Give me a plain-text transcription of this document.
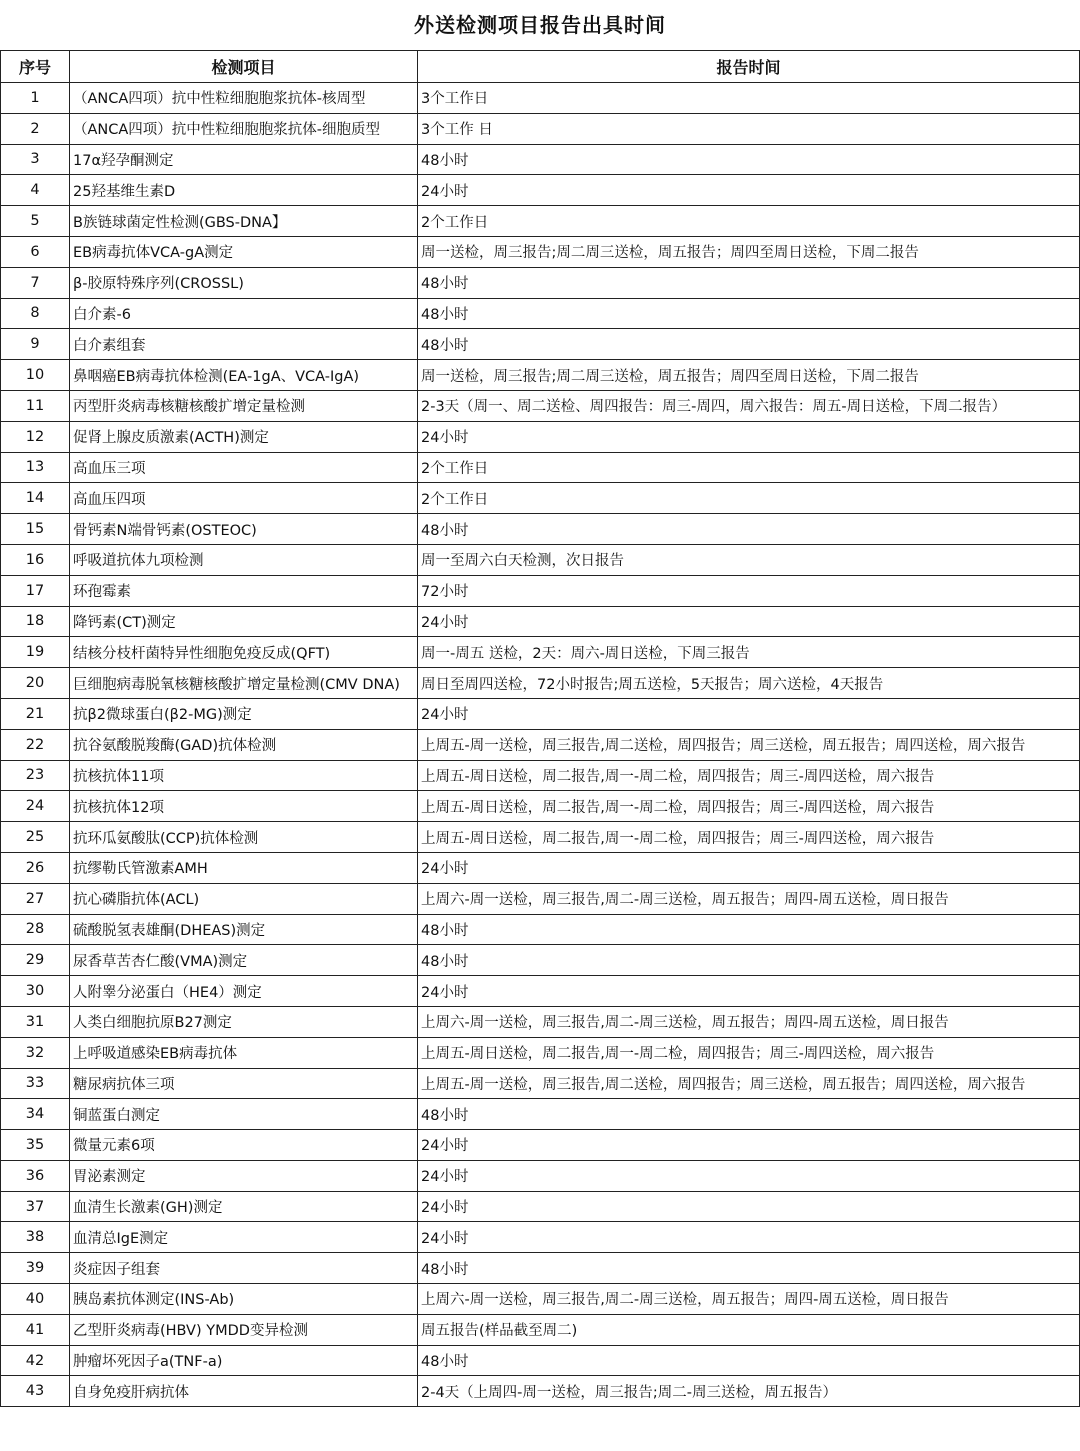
外送检测项目报告出具时间
序号	检测项目	报告时间
1	（ANCA四项）抗中性粒细胞胞浆抗体-核周型	3个工作日
2	（ANCA四项）抗中性粒细胞胞浆抗体-细胞质型	3个工作 日
3	17α羟孕酮测定	48小时
4	25羟基维生素D	24小时
5	B族链球菌定性检测(GBS-DNA】	2个工作日
6	EB病毒抗体VCA-gA测定	周一送检，周三报告;周二周三送检，周五报告；周四至周日送检，下周二报告
7	β-胶原特殊序列(CROSSL)	48小时
8	白介素-6	48小时
9	白介素组套	48小时
10	鼻咽癌EB病毒抗体检测(EA-1gA、VCA-IgA)	周一送检，周三报告;周二周三送检，周五报告；周四至周日送检，下周二报告
11	丙型肝炎病毒核糖核酸扩增定量检测	2-3天（周一、周二送检、周四报告：周三-周四，周六报告：周五-周日送检，下周二报告）
12	促肾上腺皮质激素(ACTH)测定	24小时
13	高血压三项	2个工作日
14	高血压四项	2个工作日
15	骨钙素N端骨钙素(OSTEOC)	48小时
16	呼吸道抗体九项检测	周一至周六白天检测，次日报告
17	环孢霉素	72小时
18	降钙素(CT)测定	24小时
19	结核分枝杆菌特异性细胞免疫反成(QFT)	周一-周五 送检，2天：周六-周日送检，下周三报告
20	巨细胞病毒脱氧核糖核酸扩增定量检测(CMV DNA)	周日至周四送检，72小时报告;周五送检，5天报告；周六送检，4天报告
21	抗β2微球蛋白(β2-MG)测定	24小时
22	抗谷氨酸脱羧酶(GAD)抗体检测	上周五-周一送检，周三报告,周二送检，周四报告；周三送检，周五报告；周四送检，周六报告
23	抗核抗体11项	上周五-周日送检，周二报告,周一-周二检，周四报告；周三-周四送检，周六报告
24	抗核抗体12项	上周五-周日送检，周二报告,周一-周二检，周四报告；周三-周四送检，周六报告
25	抗环瓜氨酸肽(CCP)抗体检测	上周五-周日送检，周二报告,周一-周二检，周四报告；周三-周四送检，周六报告
26	抗缪勒氏管激素AMH	24小时
27	抗心磷脂抗体(ACL)	上周六-周一送检，周三报告,周二-周三送检，周五报告；周四-周五送检，周日报告
28	硫酸脱氢表雄酮(DHEAS)测定	48小时
29	尿香草苦杏仁酸(VMA)测定	48小时
30	人附睾分泌蛋白（HE4）测定	24小时
31	人类白细胞抗原B27测定	上周六-周一送检，周三报告,周二-周三送检，周五报告；周四-周五送检，周日报告
32	上呼吸道感染EB病毒抗体	上周五-周日送检，周二报告,周一-周二检，周四报告；周三-周四送检，周六报告
33	糖尿病抗体三项	上周五-周一送检，周三报告,周二送检，周四报告；周三送检，周五报告；周四送检，周六报告
34	铜蓝蛋白测定	48小时
35	微量元素6项	24小时
36	胃泌素测定	24小时
37	血清生长激素(GH)测定	24小时
38	血清总IgE测定	24小时
39	炎症因子组套	48小时
40	胰岛素抗体测定(INS-Ab)	上周六-周一送检，周三报告,周二-周三送检，周五报告；周四-周五送检，周日报告
41	乙型肝炎病毒(HBV) YMDD变异检测	周五报告(样品截至周二)
42	肿瘤坏死因子a(TNF-a)	48小时
43	自身免疫肝病抗体	2-4天（上周四-周一送检，周三报告;周二-周三送检，周五报告）
